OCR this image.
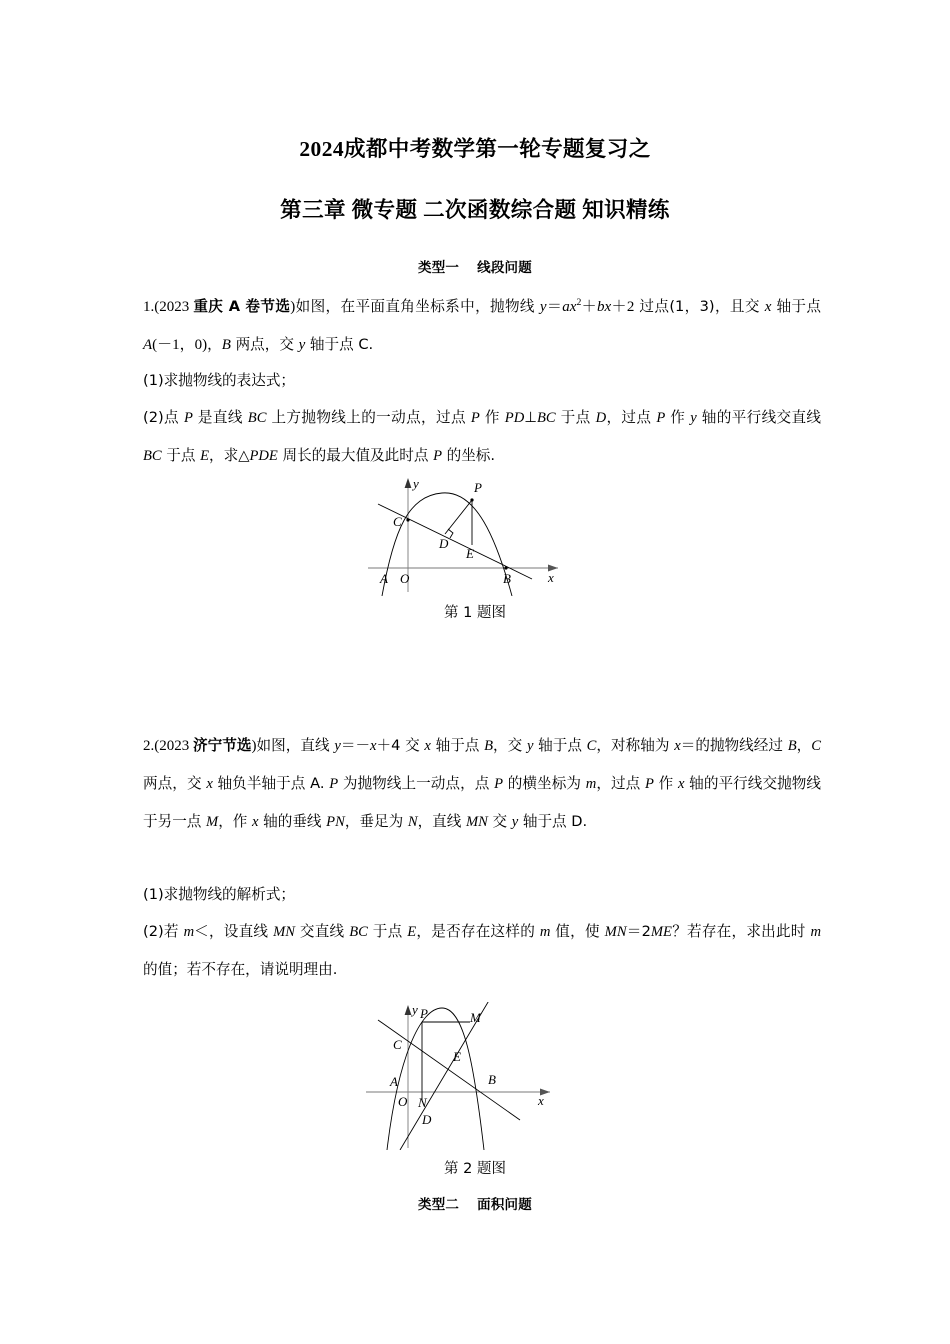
2024成都中考数学第一轮专题复习之
第三章 微专题 二次函数综合题 知识精练
类型一 线段问题
1.(2023 重庆 A 卷节选)如图，在平面直角坐标系中，抛物线 $y=ax^2+bx+2$ 过点(1，3)，且交 x 轴于点 A(－1，0)，B 两点，交 y 轴于点 C.
(1)求抛物线的表达式；
(2)点 P 是直线 BC 上方抛物线上的一动点，过点 P 作 PD⊥BC 于点 D，过点 P 作 y 轴的平行线交直线 BC 于点 E，求△PDE 周长的最大值及此时点 P 的坐标.
y
x
A O	B
C
D
E
P
第 1 题图
2.(2023 济宁节选)如图，直线 y＝－x＋4 交 x 轴于点 B，交 y 轴于点 C，对称轴为 x＝的抛物线经过 B，C 两点，交 x 轴负半轴于点 A. P 为抛物线上一动点，点 P 的横坐标为 m，过点 P 作 x 轴的平行线交抛物线于另一点 M，作 x 轴的垂线 PN，垂足为 N，直线 MN 交 y 轴于点 D.
(1)求抛物线的解析式；
(2)若 m＜，设直线 MN 交直线 BC 于点 E，是否存在这样的 m 值，使 MN＝2ME？若存在，求出此时 m 的值；若不存在，请说明理由.
y
x
A
O
B
C
D
E
M
N
P
第 2 题图
类型二 面积问题
